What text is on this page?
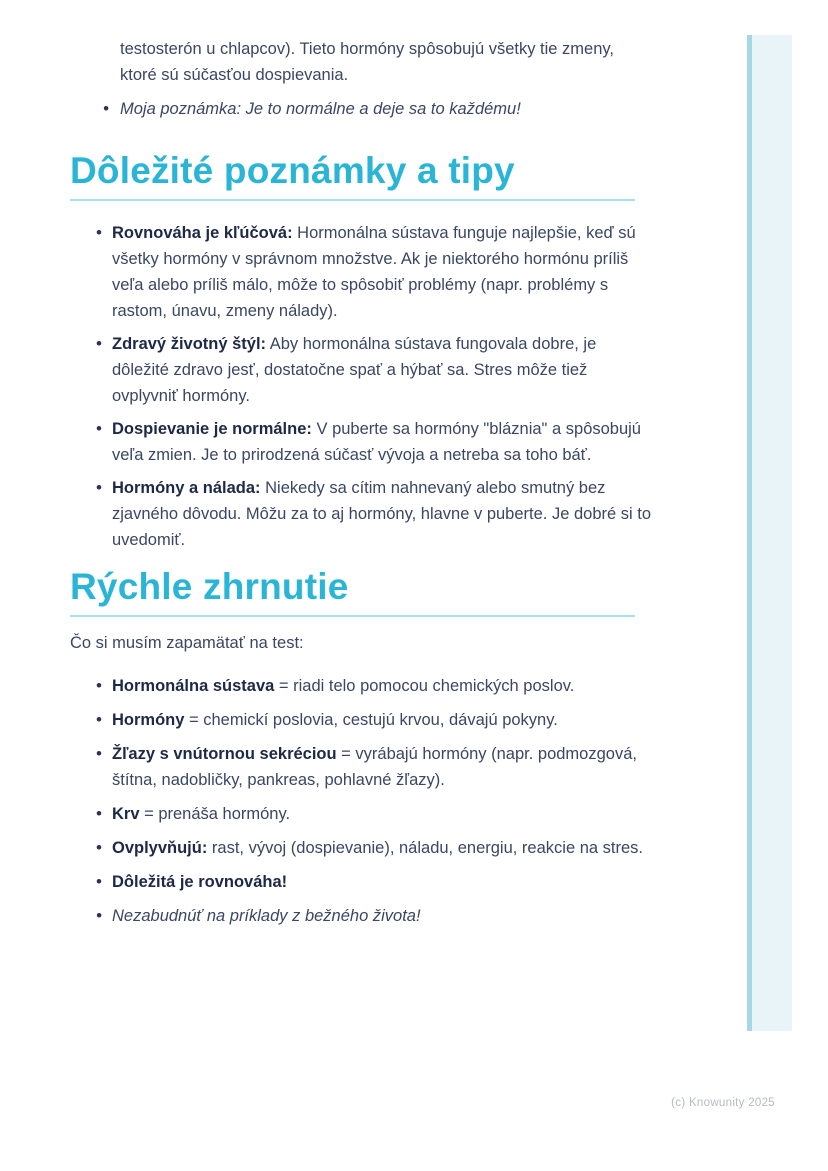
testosterón u chlapcov). Tieto hormóny spôsobujú všetky tie zmeny, ktoré sú súčasťou dospievania.

• Moja poznámka: Je to normálne a deje sa to každému!
Dôležité poznámky a tipy
• Rovnováha je kľúčová: Hormonálna sústava funguje najlepšie, keď sú všetky hormóny v správnom množstve. Ak je niektorého hormónu príliš veľa alebo príliš málo, môže to spôsobiť problémy (napr. problémy s rastom, únavu, zmeny nálady).
• Zdravý životný štýl: Aby hormonálna sústava fungovala dobre, je dôležité zdravo jesť, dostatočne spať a hýbať sa. Stres môže tiež ovplyvniť hormóny.
• Dospievanie je normálne: V puberte sa hormóny "bláznia" a spôsobujú veľa zmien. Je to prirodzená súčasť vývoja a netreba sa toho báť.
• Hormóny a nálada: Niekedy sa cítim nahnevaný alebo smutný bez zjavného dôvodu. Môžu za to aj hormóny, hlavne v puberte. Je dobré si to uvedomiť.
Rýchle zhrnutie

Čo si musím zapamätať na test:

• Hormonálna sústava = riadi telo pomocou chemických poslov.
• Hormóny = chemickí poslovia, cestujú krvou, dávajú pokyny.
• Žľazy s vnútornou sekréciou = vyrábajú hormóny (napr. podmozgová, štítna, nadobličky, pankreas, pohlavné žľazy).
• Krv = prenáša hormóny.
• Ovplyvňujú: rast, vývoj (dospievanie), náladu, energiu, reakcie na stres.
• Dôležitá je rovnováha!
• Nezabudnúť na príklady z bežného života!
(c) Knowunity 2025
